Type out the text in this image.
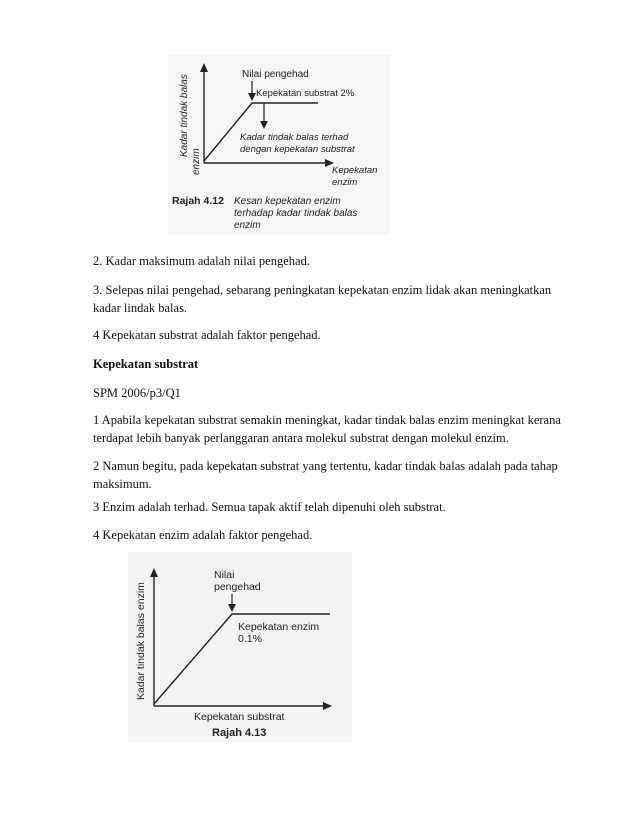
Kadar tindak balas
enzim
Nilai pengehad
Kepekatan substrat 2%
Kadar tindak balas terhad
dengan kepekatan substrat
Kepekatan
enzim
Rajah 4.12 Kesan kepekatan enzim
terhadap kadar tindak balas
enzim

2. Kadar maksimum adalah nilai pengehad.

3. Selepas nilai pengehad, sebarang peningkatan kepekatan enzim lidak akan meningkatkan kadar lindak balas.

4 Kepekatan substrat adalah faktor pengehad.

Kepekatan substrat

SPM 2006/p3/Q1

1 Apabila kepekatan substrat semakin meningkat, kadar tindak balas enzim meningkat kerana terdapat lebih banyak perlanggaran antara molekul substrat dengan molekul enzim.

2 Namun begitu, pada kepekatan substrat yang tertentu, kadar tindak balas adalah pada tahap maksimum.

3 Enzim adalah terhad. Semua tapak aktif telah dipenuhi oleh substrat.

4 Kepekatan enzim adalah faktor pengehad.

Kadar tindak balas enzim
Nilai
pengehad
Kepekatan enzim
0.1%
Kepekatan substrat
Rajah 4.13
